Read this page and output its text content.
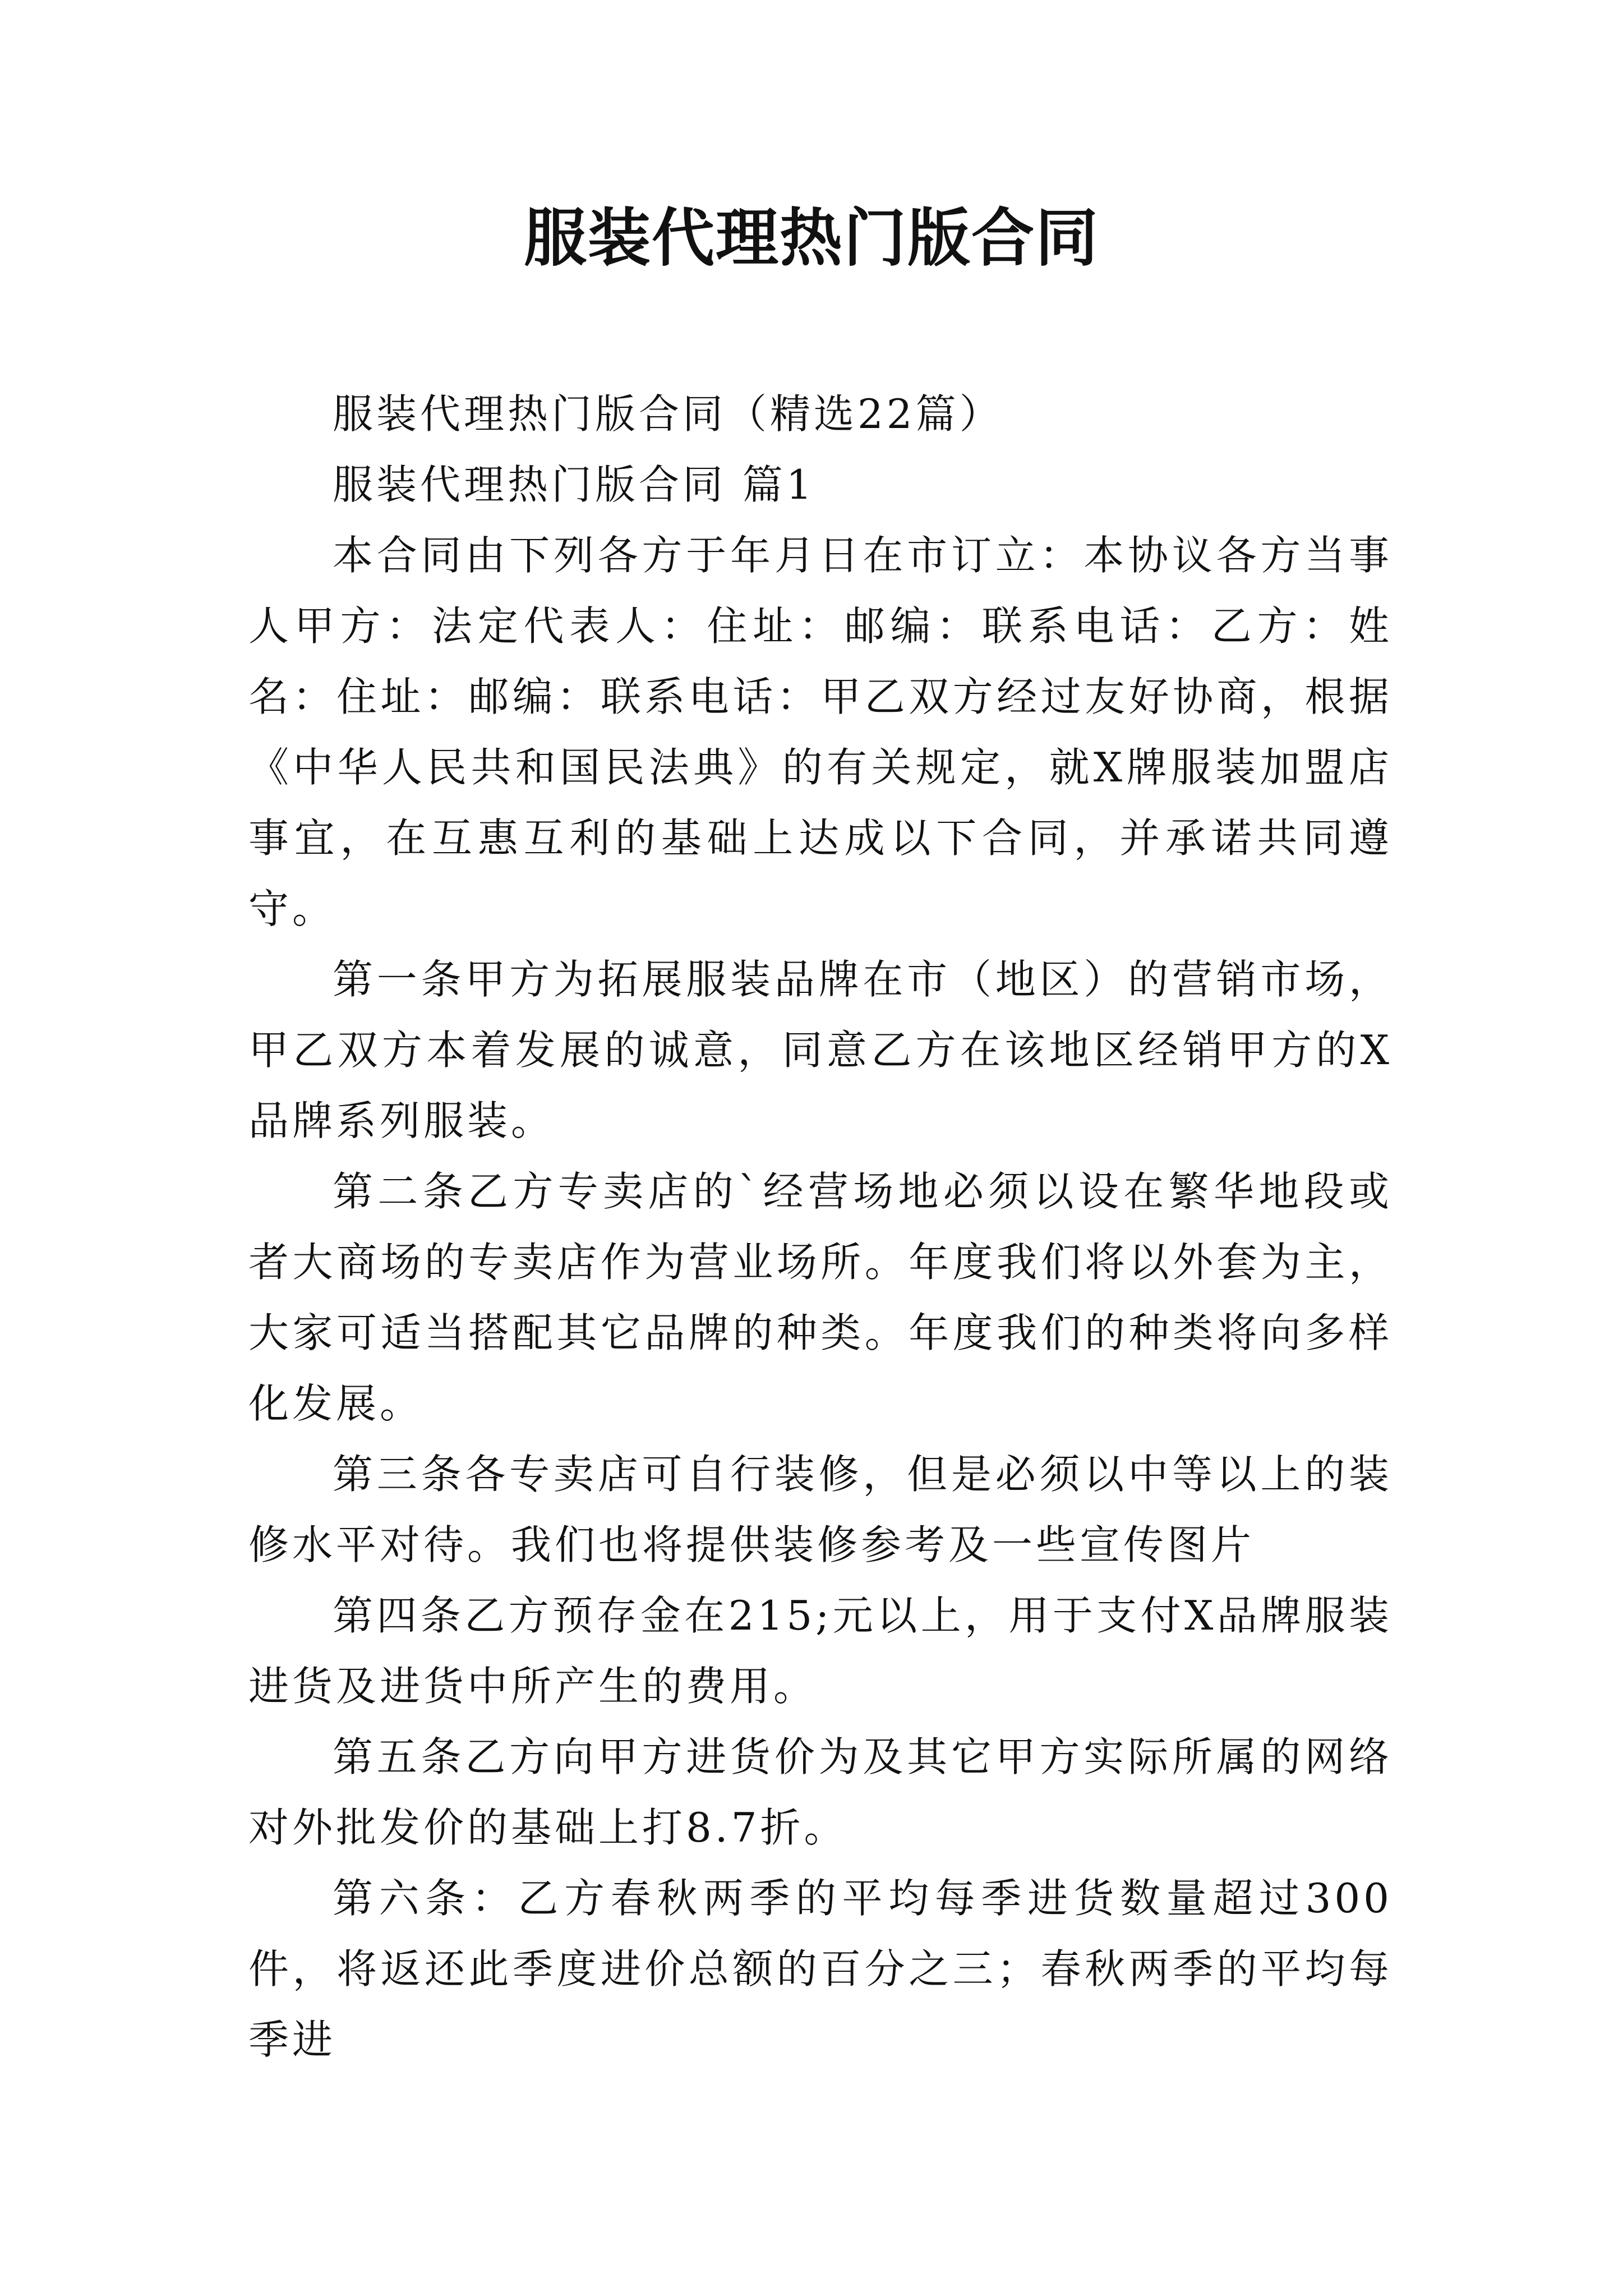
服装代理热门版合同

服装代理热门版合同（精选22篇）

服装代理热门版合同 篇1

本合同由下列各方于年月日在市订立：本协议各方当事人甲方：法定代表人：住址：邮编：联系电话：乙方：姓名：住址：邮编：联系电话：甲乙双方经过友好协商，根据《中华人民共和国民法典》的有关规定，就X牌服装加盟店事宜，在互惠互利的基础上达成以下合同，并承诺共同遵守。

第一条甲方为拓展服装品牌在市（地区）的营销市场，甲乙双方本着发展的诚意，同意乙方在该地区经销甲方的X品牌系列服装。

第二条乙方专卖店的`经营场地必须以设在繁华地段或者大商场的专卖店作为营业场所。年度我们将以外套为主，大家可适当搭配其它品牌的种类。年度我们的种类将向多样化发展。

第三条各专卖店可自行装修，但是必须以中等以上的装修水平对待。我们也将提供装修参考及一些宣传图片

第四条乙方预存金在215;元以上，用于支付X品牌服装进货及进货中所产生的费用。

第五条乙方向甲方进货价为及其它甲方实际所属的网络对外批发价的基础上打8.7折。

第六条：乙方春秋两季的平均每季进货数量超过300件，将返还此季度进价总额的百分之三；春秋两季的平均每季进
